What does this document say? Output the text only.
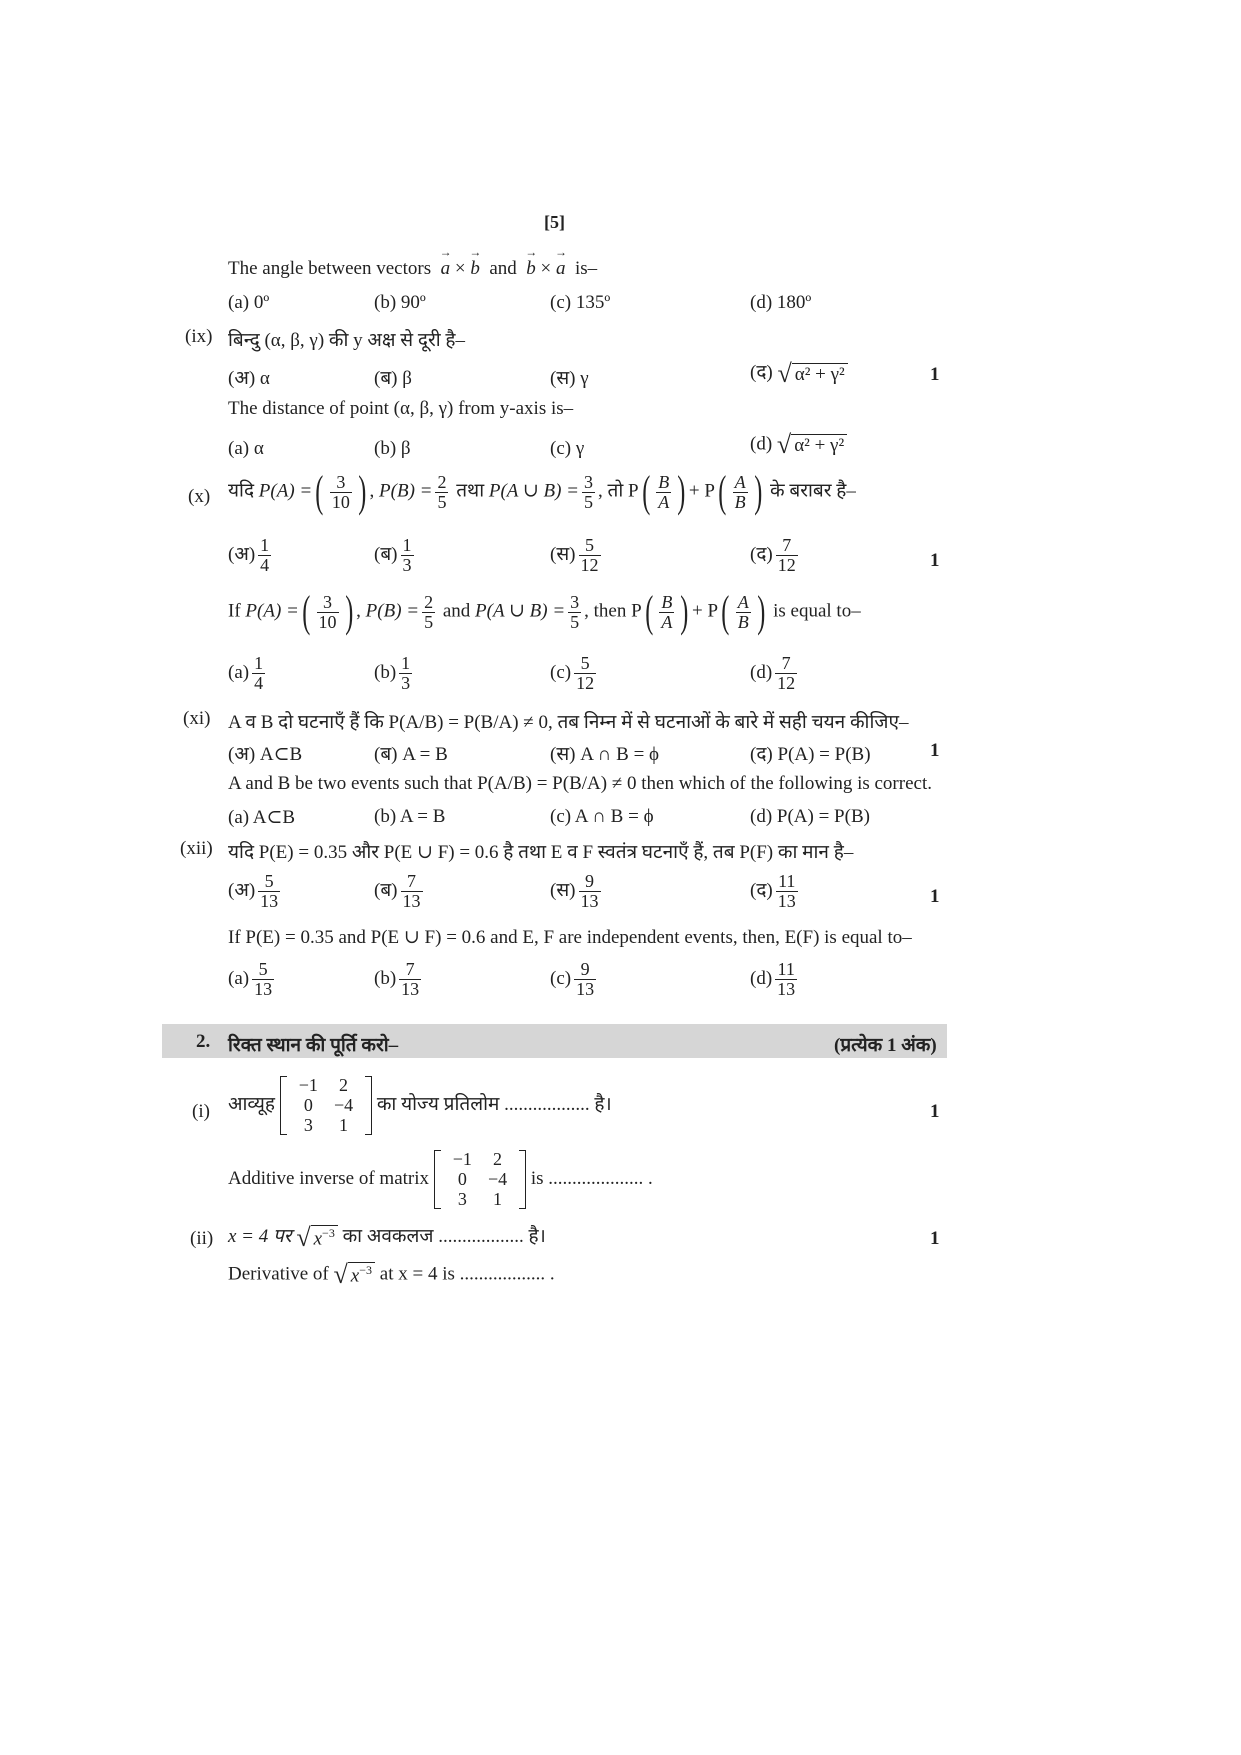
[5]
The angle between vectors → a × → b and → b × → a is–
(a) 0º	(b) 90º	(c) 135º	(d) 180º
(ix) बिन्दु (α, β, γ) की y अक्ष से दूरी है–
(अ) α	(ब) β	(स) γ	(द) √ α² + γ²	1
The distance of point (α, β, γ) from y-axis is–
(a) α	(b) β	(c) γ	(d) √ α² + γ²
(x) यदि P(A) = ( $\frac{3}{10}$ ) , $P(B) = \frac{2}{5}$ तथा P(A ∪ $B) = \frac{3}{5}$ , तो P ( $\frac{B}{A}$ ) + P ( $\frac{A}{B}$ ) के बराबर है–
(अ) $\frac{1}{4}$	(ब) $\frac{1}{3}$	(स) $\frac{5}{12}$	(द) $\frac{7}{12}$	1
If P(A) = ( $\frac{3}{10}$ ) , $P(B) = \frac{2}{5}$ and P(A ∪ $B) = \frac{3}{5}$ , then P ( $\frac{B}{A}$ ) + P ( $\frac{A}{B}$ ) is equal to–
$(a) \frac{1}{4}$	$(b) \frac{1}{3}$	$(c) \frac{5}{12}$	$(d) \frac{7}{12}$
(xi) A व B दो घटनाएँ हैं कि P(A/B) = P(B/A) ≠ 0, तब निम्न में से घटनाओं के बारे में सही चयन कीजिए–
(अ) A⊂B	(ब) A = B	(स) A ∩ B = ϕ	(द) P(A) = P(B)	1
A and B be two events such that P(A/B) = P(B/A) ≠ 0 then which of the following is correct.
(a) A⊂B	(b) A = B	(c) A ∩ B = ϕ	(d) P(A) = P(B)
(xii) यदि P(E) = 0.35 और P(E ∪ F) = 0.6 है तथा E व F स्वतंत्र घटनाएँ हैं, तब P(F) का मान है–
(अ) $\frac{5}{13}$	(ब) $\frac{7}{13}$	(स) $\frac{9}{13}$	(द) $\frac{11}{13}$	1
If P(E) = 0.35 and P(E ∪ F) = 0.6 and E, F are independent events, then, E(F) is equal to–
$(a) \frac{5}{13}$	$(b) \frac{7}{13}$	$(c) \frac{9}{13}$	$(d) \frac{11}{13}$
2. रिक्त स्थान की पूर्ति करो–	(प्रत्येक 1 अंक)
(i) आव्यूह
−1	2
0	−4
3	1
का योज्य प्रतिलोम .................. है।	1
Additive inverse of matrix
−1	2
0	−4
3	1
is .................... .
(ii) x = 4 पर √ $x^{-3}$ का अवकलज .................. है।	1
Derivative of √ $x^{-3}$ at x = 4 is .................. .
